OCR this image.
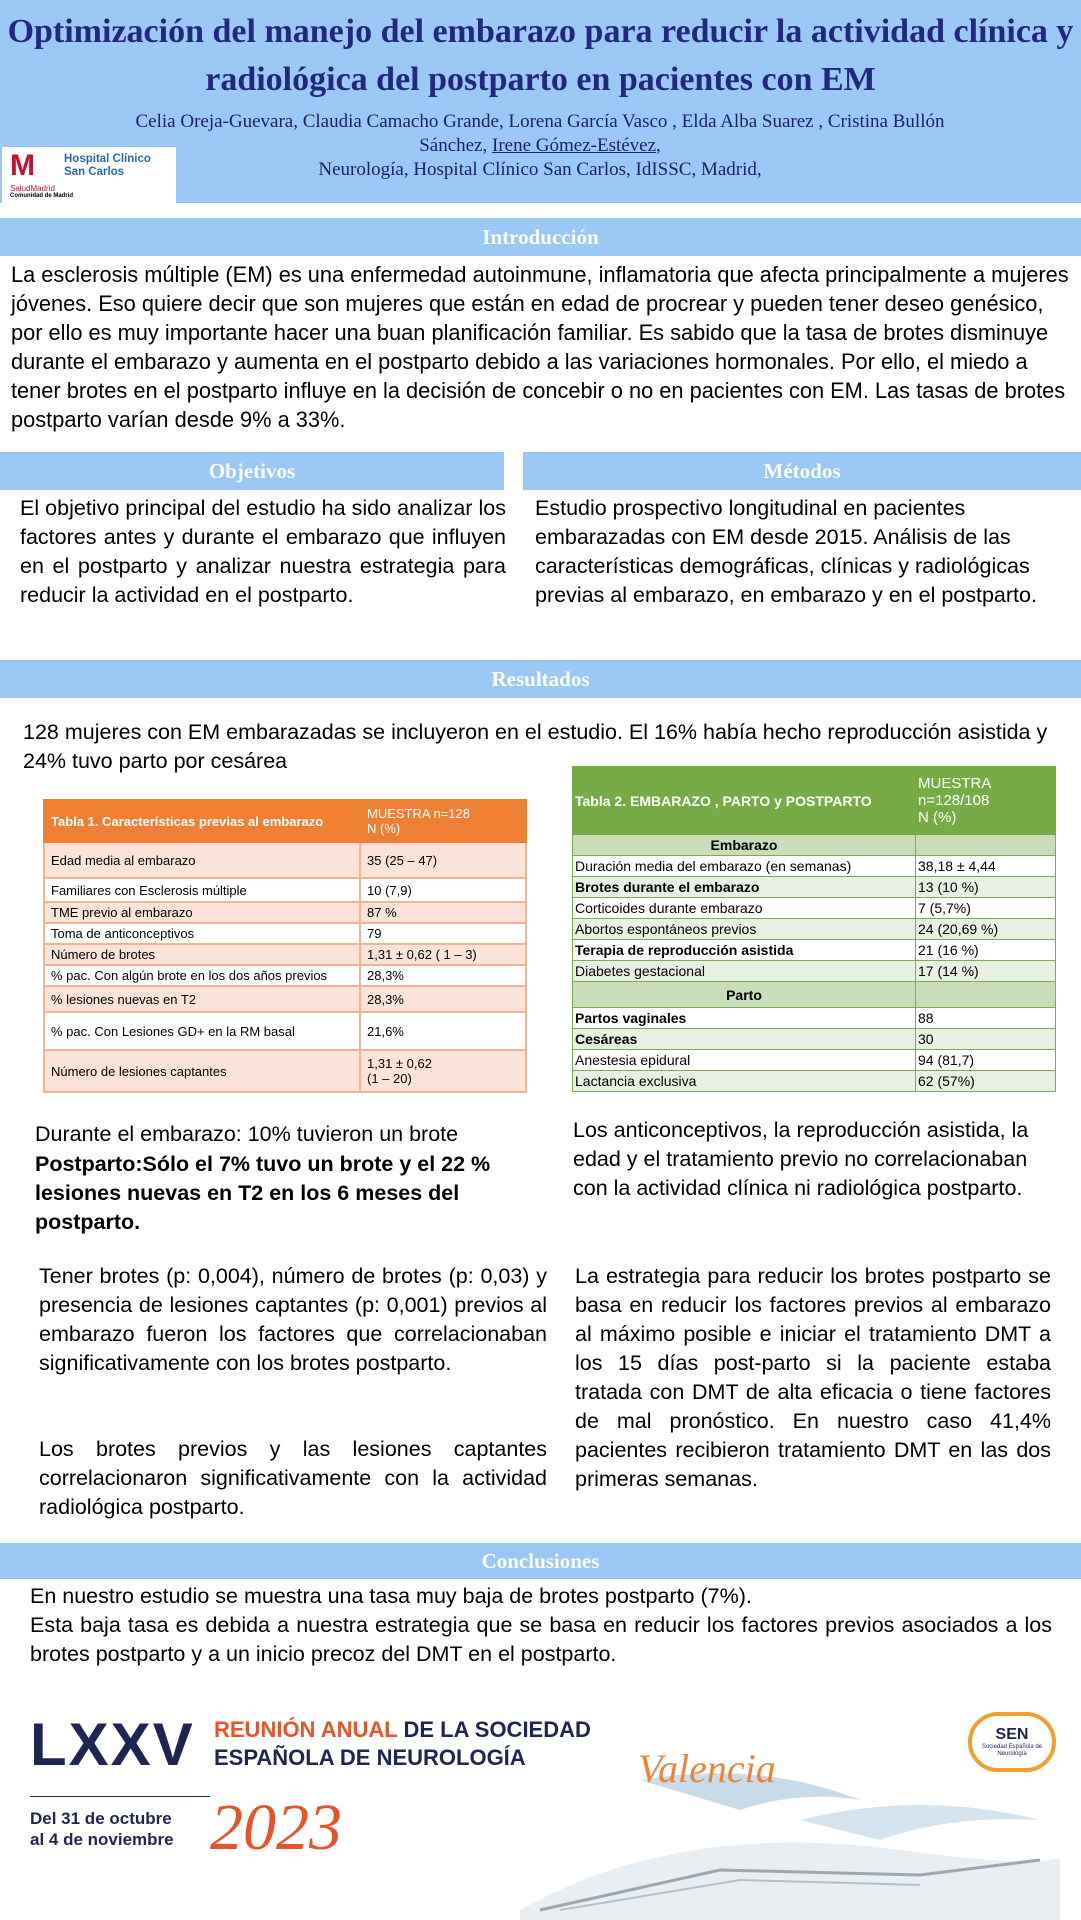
Optimización del manejo del embarazo para reducir la actividad clínica y radiológica del postparto en pacientes con EM
Celia Oreja-Guevara, Claudia Camacho Grande, Lorena García Vasco , Elda Alba Suarez , Cristina Bullón
Sánchez, Irene Gómez-Estévez,
Neurología, Hospital Clínico San Carlos, IdISSC, Madrid,
M	Hospital Clínico San Carlos
SaludMadrid
Comunidad de Madrid
Introducción
La esclerosis múltiple (EM) es una enfermedad autoinmune, inflamatoria que afecta principalmente a mujeres jóvenes. Eso quiere decir que son mujeres que están en edad de procrear y pueden tener deseo genésico, por ello es muy importante hacer una buan planificación familiar. Es sabido que la tasa de brotes disminuye durante el embarazo y aumenta en el postparto debido a las variaciones hormonales. Por ello, el miedo a tener brotes en el postparto influye en la decisión de concebir o no en pacientes con EM. Las tasas de brotes postparto varían desde 9% a 33%.
Objetivos	Métodos
El objetivo principal del estudio ha sido analizar los factores antes y durante el embarazo que influyen en el postparto y analizar nuestra estrategia para reducir la actividad en el postparto.
Estudio prospectivo longitudinal en pacientes embarazadas con EM desde 2015. Análisis de las características demográficas, clínicas y radiológicas previas al embarazo, en embarazo y en el postparto.
Resultados
128 mujeres con EM embarazadas se incluyeron en el estudio. El 16% había hecho reproducción asistida y 24% tuvo parto por cesárea
Tabla 1. Características previas al embarazo	MUESTRA n=128
N (%)

Edad media al embarazo	35 (25 – 47)
Familiares con Esclerosis múltiple	10 (7,9)
TME previo al embarazo	87 %
Toma de anticonceptivos	79
Número de brotes	1,31 ± 0,62 ( 1 – 3)
% pac. Con algún brote en los dos años previos	28,3%
% lesiones nuevas en T2	28,3%
% pac. Con Lesiones GD+ en la RM basal	21,6%
Número de lesiones captantes	1,31 ± 0,62
(1 – 20)
Tabla 2. EMBARAZO , PARTO y POSTPARTO	MUESTRA
n=128/108
N (%)

Embarazo	
Duración media del embarazo (en semanas)	38,18 ± 4,44
Brotes durante el embarazo	13 (10 %)
Corticoides durante embarazo	7 (5,7%)
Abortos espontáneos previos	24 (20,69 %)
Terapia de reproducción asistida	21 (16 %)
Diabetes gestacional	17 (14 %)
Parto	
Partos vaginales	88
Cesáreas	30
Anestesia epidural	94 (81,7)
Lactancia exclusiva	62 (57%)
Durante el embarazo: 10% tuvieron un brote
Postparto:Sólo el 7% tuvo un brote y el 22 % lesiones nuevas en T2 en los 6 meses del postparto.
Tener brotes (p: 0,004), número de brotes (p: 0,03) y presencia de lesiones captantes (p: 0,001) previos al embarazo fueron los factores que correlacionaban significativamente con los brotes postparto.
Los brotes previos y las lesiones captantes correlacionaron significativamente con la actividad radiológica postparto.
Los anticonceptivos, la reproducción asistida, la edad y el tratamiento previo no correlacionaban con la actividad clínica ni radiológica postparto.
La estrategia para reducir los brotes postparto se basa en reducir los factores previos al embarazo al máximo posible e iniciar el tratamiento DMT a los 15 días post-parto si la paciente estaba tratada con DMT de alta eficacia o tiene factores de mal pronóstico. En nuestro caso 41,4% pacientes recibieron tratamiento DMT en las dos primeras semanas.
Conclusiones
En nuestro estudio se muestra una tasa muy baja de brotes postparto (7%).
Esta baja tasa es debida a nuestra estrategia que se basa en reducir los factores previos asociados a los brotes postparto y a un inicio precoz del DMT en el postparto.
LXXV REUNIÓN ANUAL DE LA SOCIEDAD
ESPAÑOLA DE NEUROLOGÍA
Del 31 de octubre
al 4 de noviembre 2023
Valencia
SEN
Sociedad Española de Neurología
